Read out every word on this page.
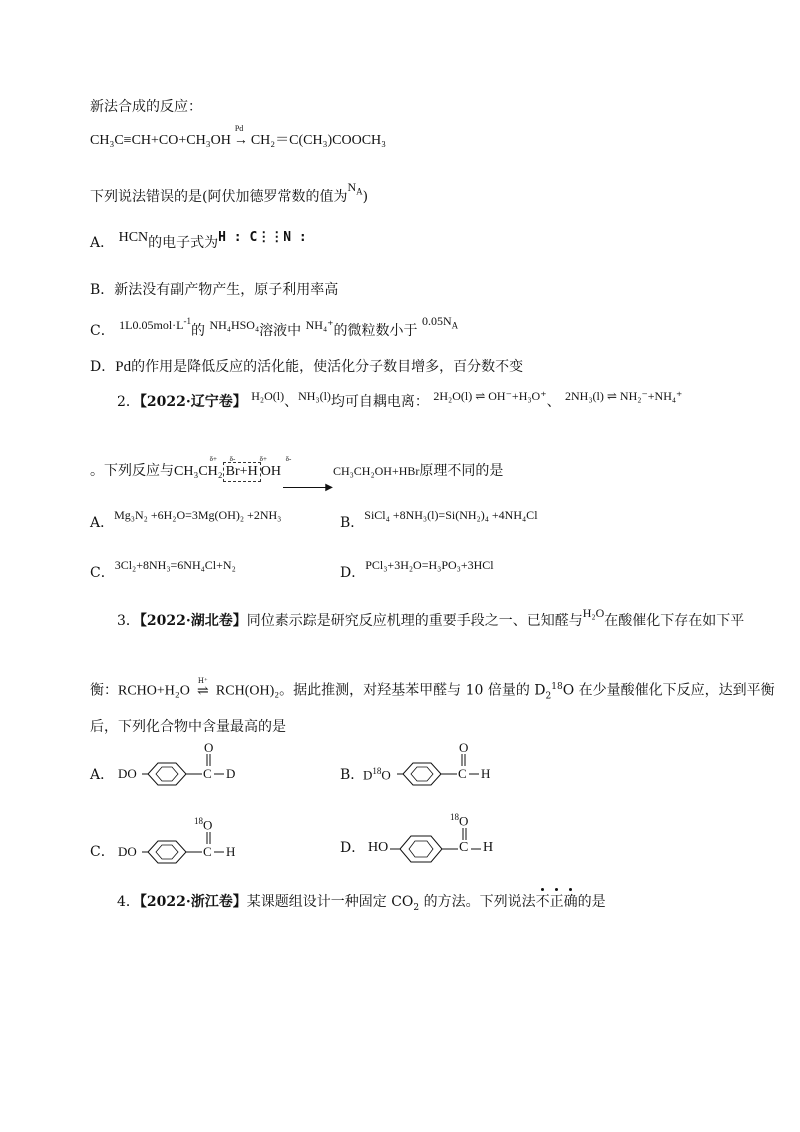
新法合成的反应：
CH₃C≡CH+CO+CH₃OH
Pd
→ CH₂＝C(CH₃)COOCH₃
下列说法错误的是(阿伏加德罗常数的值为$N_A$)
A． HCN的电子式为H : C⋮⋮N :
B．新法没有副产物产生，原子利用率高
C． $1L0.05mol\cdot L^{-1}$的 NH₄HSO₄溶液中 NH₄⁺的微粒数小于 $0.05N_A$
D．Pd的作用是降低反应的活化能，使活化分子数目增多，百分数不变
2．【2022·辽宁卷】 H₂O(l)、NH₃(l)均可自耦电离： 2H₂O(l) ⇌ OH⁻+H₃O⁺、 2NH₃(l) ⇌ NH₂⁻+NH₄⁺
。下列反应与CH₃CH₂
δ+ δ-	δ+	δ-
Br+H OH
▶
CH₃CH₂OH+HBr原理不同的是
A．Mg₃N₂ +6H₂O=3Mg(OH)₂ +2NH₃	B．SiCl₄ +8NH₃(l)=Si(NH₂)₄ +4NH₄Cl
C．3Cl₂+8NH₃=6NH₄Cl+N₂	D．PCl₃+3H₂O=H₃PO₃+3HCl
3．【2022·湖北卷】同位素示踪是研究反应机理的重要手段之一、已知醛与H₂O在酸催化下存在如下平
衡：RCHO+H₂O
H⁺
⇌ RCH(OH)₂。据此推测，对羟基苯甲醛与 10 倍量的 $D_2^{18}O$ 在少量酸催化下反应，达到平衡
后，下列化合物中含量最高的是
A． DO
O
C D	B．
$D^{18}O$
O
C H
C． DO
$^{18}$O
C H	D． HO
$^{18}$O
C H
4．【2022·浙江卷】某课题组设计一种固定 $CO_2$ 的方法。下列说法
不
正
确的是
